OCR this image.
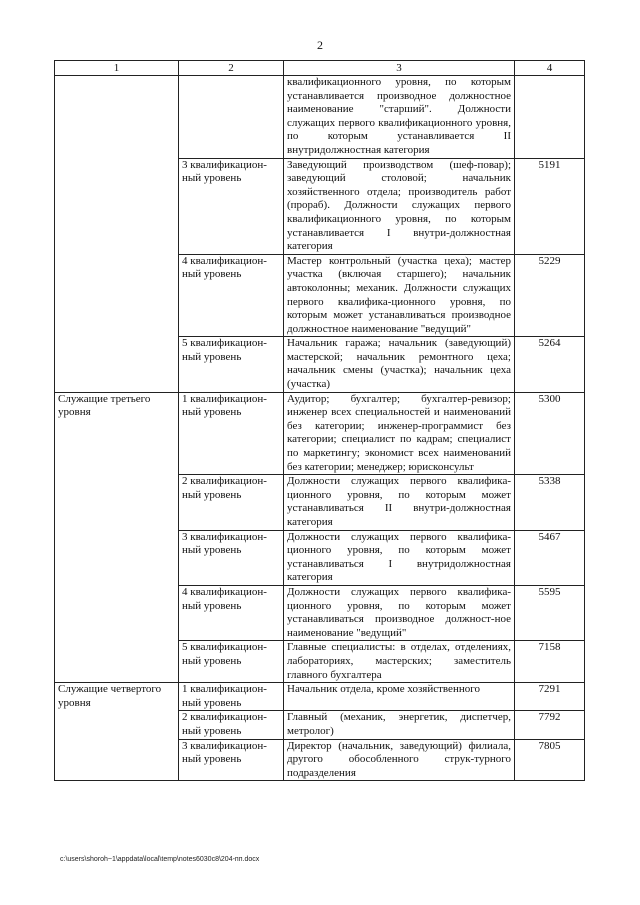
2
1	2	3	4
		квалификационного уровня, по которым устанавливается производное должностное наименование "старший". Должности служащих первого квалификационного уровня, по которым устанавливается II внутридолжностная категория	
	3 квалификацион-ный уровень	Заведующий производством (шеф-повар); заведующий столовой; начальник хозяйственного отдела; производитель работ (прораб). Должности служащих первого квалификационного уровня, по которым устанавливается I внутри-должностная категория	5191
	4 квалификацион-ный уровень	Мастер контрольный (участка цеха); мастер участка (включая старшего); начальник автоколонны; механик. Должности служащих первого квалифика-ционного уровня, по которым может устанавливаться производное должностное наименование "ведущий"	5229
	5 квалификацион-ный уровень	Начальник гаража; начальник (заведующий) мастерской; начальник ремонтного цеха; начальник смены (участка); начальник цеха (участка)	5264
Служащие третьего уровня	1 квалификацион-ный уровень	Аудитор; бухгалтер; бухгалтер-ревизор; инженер всех специальностей и наименований без категории; инженер-программист без категории; специалист по кадрам; специалист по маркетингу; экономист всех наименований без категории; менеджер; юрисконсульт	5300
	2 квалификацион-ный уровень	Должности служащих первого квалифика-ционного уровня, по которым может устанавливаться II внутри-должностная категория	5338
	3 квалификацион-ный уровень	Должности служащих первого квалифика-ционного уровня, по которым может устанавливаться I внутридолжностная категория	5467
	4 квалификацион-ный уровень	Должности служащих первого квалифика-ционного уровня, по которым может устанавливаться производное должност-ное наименование "ведущий"	5595
	5 квалификацион-ный уровень	Главные специалисты: в отделах, отделениях, лабораториях, мастерских; заместитель главного бухгалтера	7158
Служащие четвертого уровня	1 квалификацион-ный уровень	Начальник отдела, кроме хозяйственного	7291
	2 квалификацион-ный уровень	Главный (механик, энергетик, диспетчер, метролог)	7792
	3 квалификацион-ный уровень	Директор (начальник, заведующий) филиала, другого обособленного струк-турного подразделения	7805
c:\users\shoroh~1\appdata\local\temp\notes6030c8\204-пп.docx
